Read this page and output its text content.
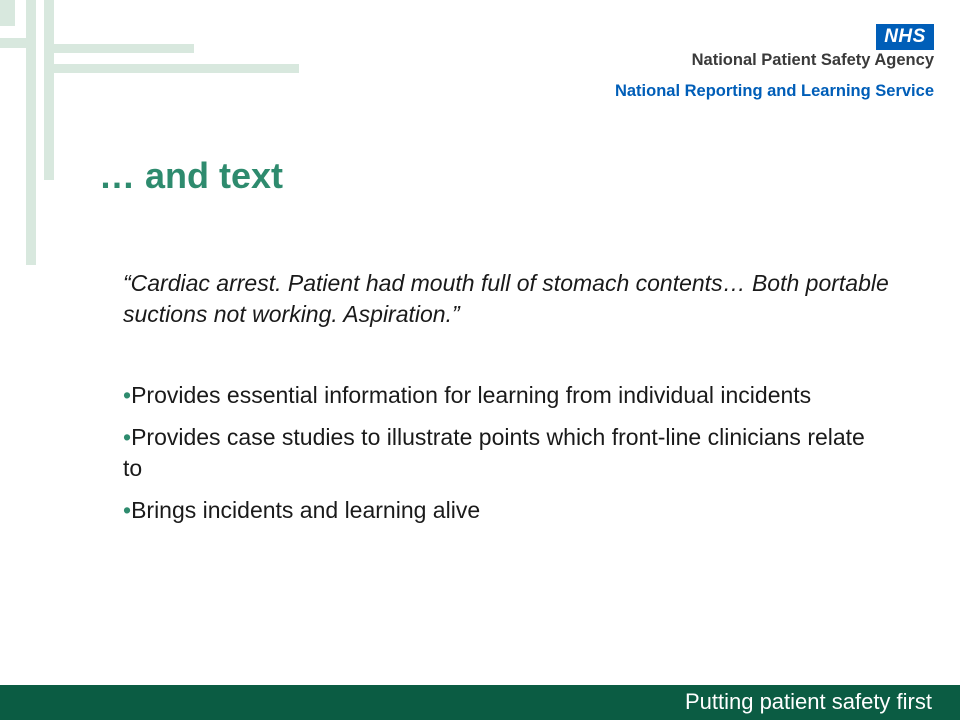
NHS
National Patient Safety Agency
National Reporting and Learning Service
… and text

“Cardiac arrest. Patient had mouth full of stomach contents… Both portable suctions not working. Aspiration.”

•Provides essential information for learning from individual incidents
•Provides case studies to illustrate points which front-line clinicians relate to
•Brings incidents and learning alive
Putting patient safety first
